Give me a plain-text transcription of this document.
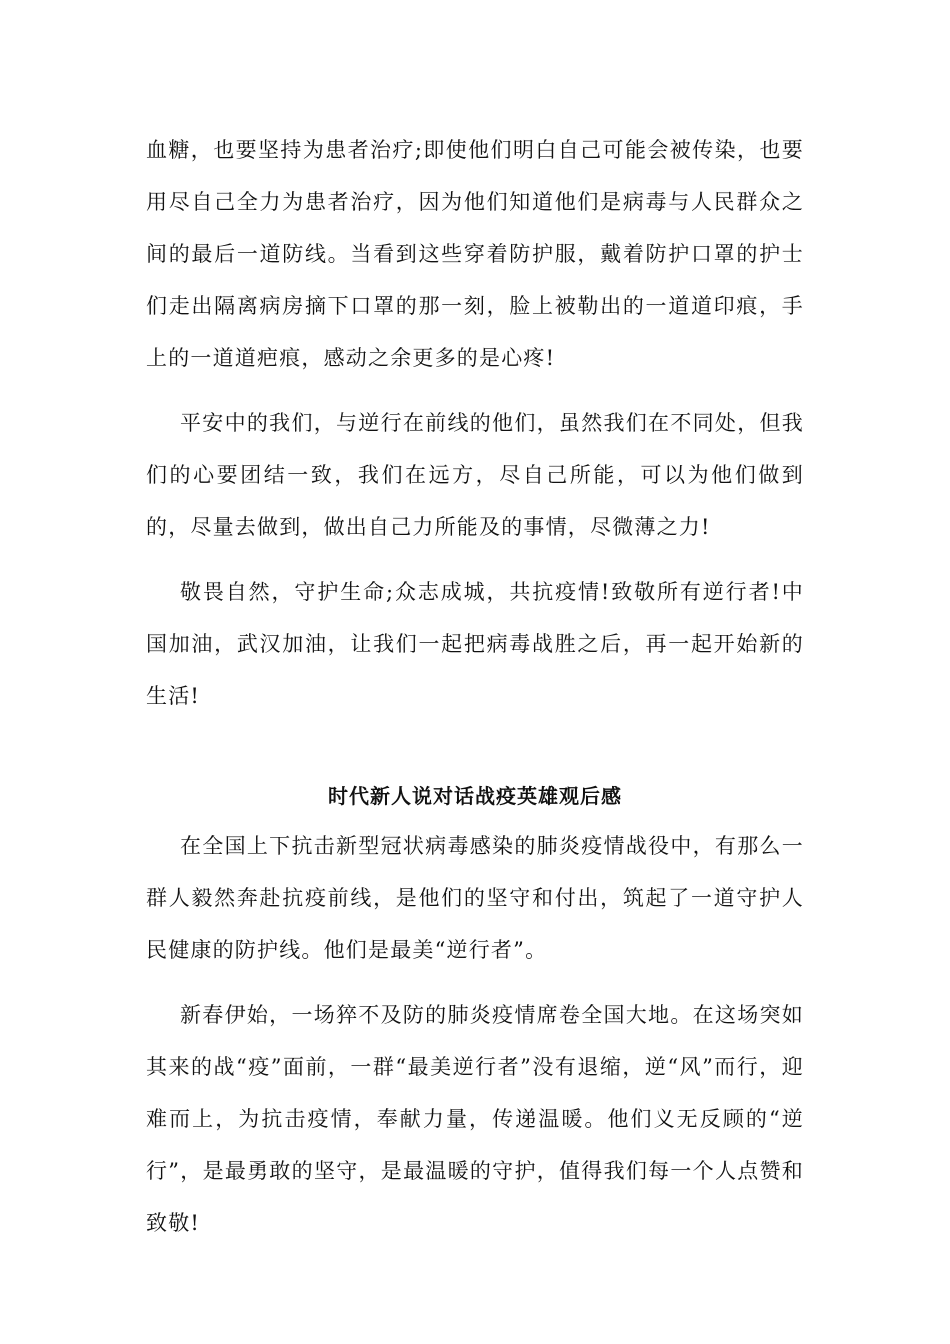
血糖，也要坚持为患者治疗;即使他们明白自己可能会被传染，也要用尽自己全力为患者治疗，因为他们知道他们是病毒与人民群众之间的最后一道防线。当看到这些穿着防护服，戴着防护口罩的护士们走出隔离病房摘下口罩的那一刻，脸上被勒出的一道道印痕，手上的一道道疤痕，感动之余更多的是心疼!

平安中的我们，与逆行在前线的他们，虽然我们在不同处，但我们的心要团结一致，我们在远方，尽自己所能，可以为他们做到的，尽量去做到，做出自己力所能及的事情，尽微薄之力!

敬畏自然，守护生命;众志成城，共抗疫情!致敬所有逆行者!中国加油，武汉加油，让我们一起把病毒战胜之后，再一起开始新的生活!

时代新人说对话战疫英雄观后感

在全国上下抗击新型冠状病毒感染的肺炎疫情战役中，有那么一群人毅然奔赴抗疫前线，是他们的坚守和付出，筑起了一道守护人民健康的防护线。他们是最美“逆行者”。

新春伊始，一场猝不及防的肺炎疫情席卷全国大地。在这场突如其来的战“疫”面前，一群“最美逆行者”没有退缩，逆“风”而行，迎难而上，为抗击疫情，奉献力量，传递温暖。他们义无反顾的“逆行”，是最勇敢的坚守，是最温暖的守护，值得我们每一个人点赞和致敬!
